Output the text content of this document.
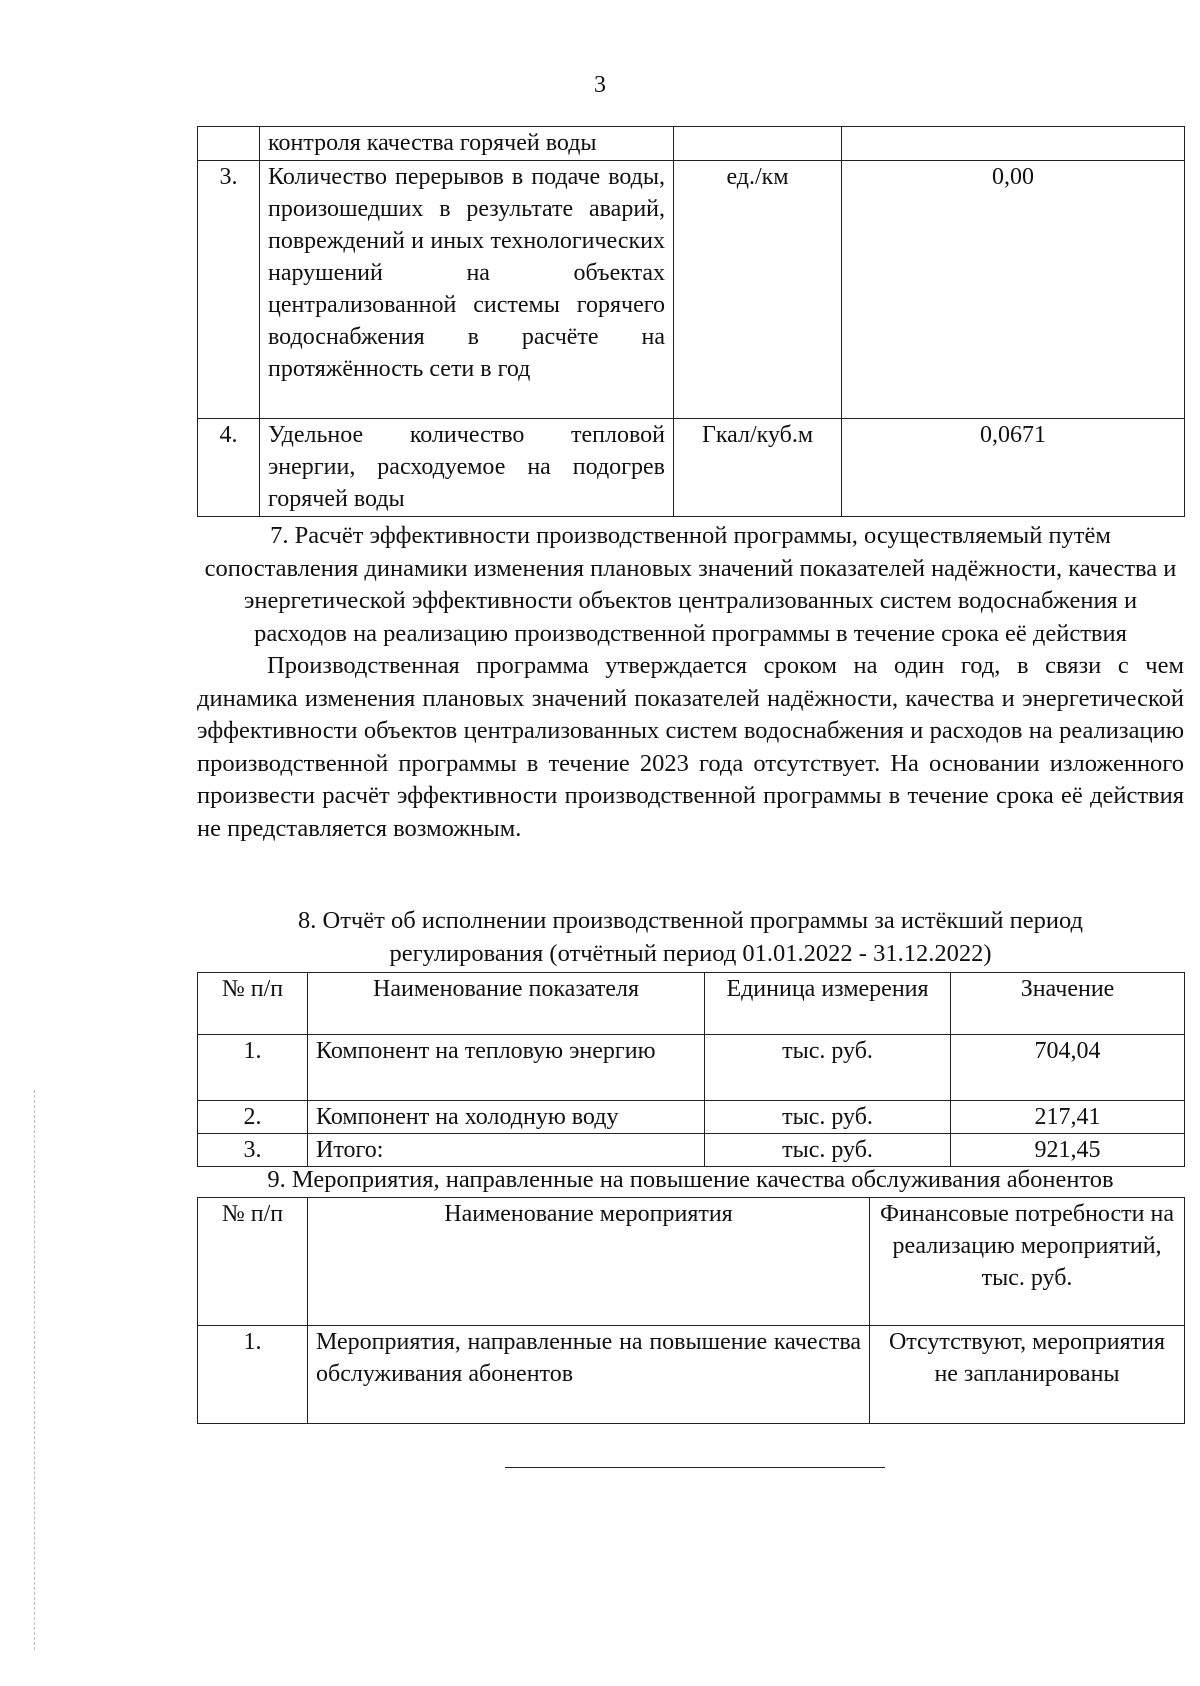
3
	контроля качества горячей воды		
3.	Количество перерывов в подаче воды, произошедших в результате аварий, повреждений и иных технологических нарушений на объектах централизованной системы горячего водоснабжения в расчёте на протяжённость сети в год	ед./км	0,00
4.	Удельное количество тепловой энергии, расходуемое на подогрев горячей воды	Гкал/куб.м	0,0671
7. Расчёт эффективности производственной программы, осуществляемый путём сопоставления динамики изменения плановых значений показателей надёжности, качества и энергетической эффективности объектов централизованных систем водоснабжения и расходов на реализацию производственной программы в течение срока её действия

Производственная программа утверждается сроком на один год, в связи с чем динамика изменения плановых значений показателей надёжности, качества и энергетической эффективности объектов централизованных систем водоснабжения и расходов на реализацию производственной программы в течение 2023 года отсутствует. На основании изложенного произвести расчёт эффективности производственной программы в течение срока её действия не представляется возможным.

8. Отчёт об исполнении производственной программы за истёкший период регулирования (отчётный период 01.01.2022 - 31.12.2022)
№ п/п	Наименование показателя	Единица измерения	Значение
1.	Компонент на тепловую энергию	тыс. руб.	704,04
2.	Компонент на холодную воду	тыс. руб.	217,41
3.	Итого:	тыс. руб.	921,45
9. Мероприятия, направленные на повышение качества обслуживания абонентов
№ п/п	Наименование мероприятия	Финансовые потребности на реализацию мероприятий, тыс. руб.
1.	Мероприятия, направленные на повышение качества обслуживания абонентов	Отсутствуют, мероприятия не запланированы
